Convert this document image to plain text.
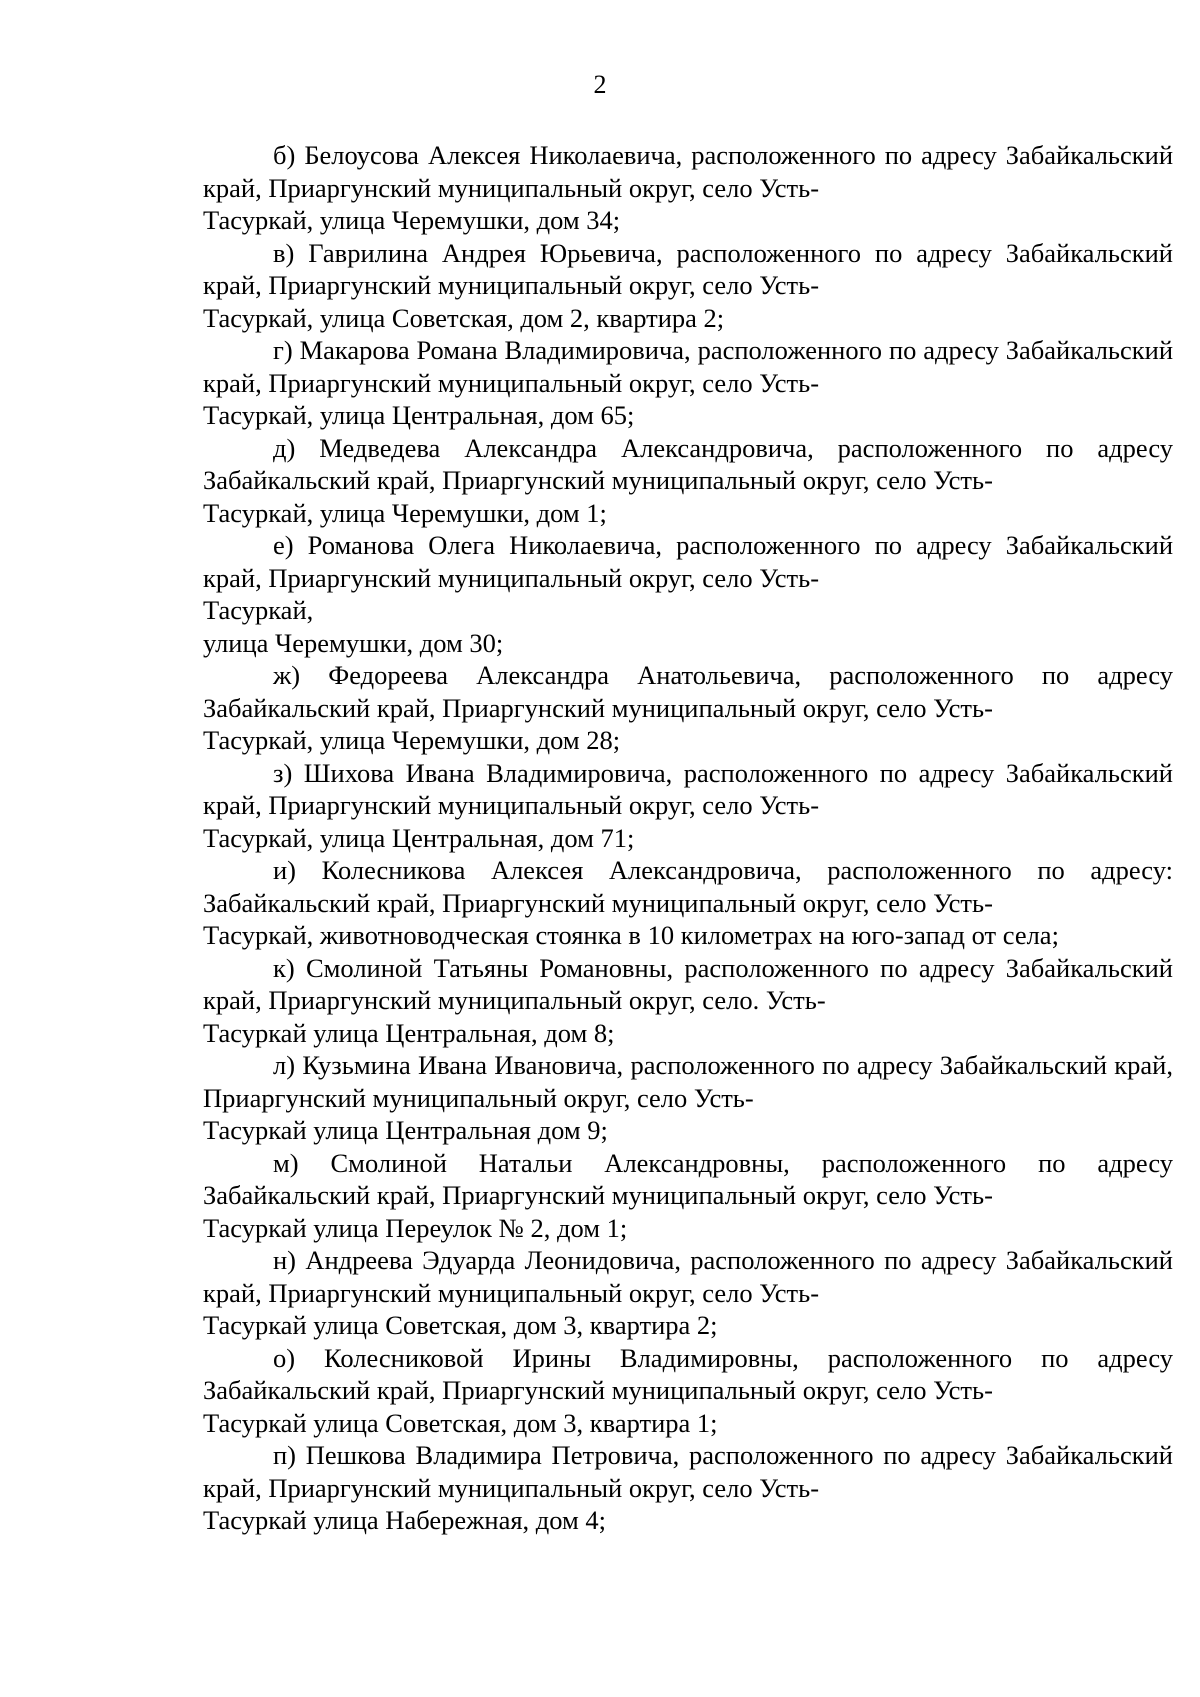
2

б) Белоусова Алексея Николаевича, расположенного по адресу Забайкальский край, Приаргунский муниципальный округ, село Усть-
Тасуркай, улица Черемушки, дом 34;

в) Гаврилина Андрея Юрьевича, расположенного по адресу Забайкальский край, Приаргунский муниципальный округ, село Усть-
Тасуркай, улица Советская, дом 2, квартира 2;

г) Макарова Романа Владимировича, расположенного по адресу Забайкальский край, Приаргунский муниципальный округ, село Усть-
Тасуркай, улица Центральная, дом 65;

д) Медведева Александра Александровича, расположенного по адресу Забайкальский край, Приаргунский муниципальный округ, село Усть-
Тасуркай, улица Черемушки, дом 1;

е) Романова Олега Николаевича, расположенного по адресу Забайкальский край, Приаргунский муниципальный округ, село Усть-
Тасуркай,
улица Черемушки, дом 30;

ж) Федореева Александра Анатольевича, расположенного по адресу Забайкальский край, Приаргунский муниципальный округ, село Усть-
Тасуркай, улица Черемушки, дом 28;

з) Шихова Ивана Владимировича, расположенного по адресу Забайкальский край, Приаргунский муниципальный округ, село Усть-
Тасуркай, улица Центральная, дом 71;

и) Колесникова Алексея Александровича, расположенного по адресу: Забайкальский край, Приаргунский муниципальный округ, село Усть-
Тасуркай, животноводческая стоянка в 10 километрах на юго-запад от села;

к) Смолиной Татьяны Романовны, расположенного по адресу Забайкальский край, Приаргунский муниципальный округ, село. Усть-
Тасуркай улица Центральная, дом 8;

л) Кузьмина Ивана Ивановича, расположенного по адресу Забайкальский край, Приаргунский муниципальный округ, село Усть-
Тасуркай улица Центральная дом 9;

м) Смолиной Натальи Александровны, расположенного по адресу Забайкальский край, Приаргунский муниципальный округ, село Усть-
Тасуркай улица Переулок № 2, дом 1;

н) Андреева Эдуарда Леонидовича, расположенного по адресу Забайкальский край, Приаргунский муниципальный округ, село Усть-
Тасуркай улица Советская, дом 3, квартира 2;

о) Колесниковой Ирины Владимировны, расположенного по адресу Забайкальский край, Приаргунский муниципальный округ, село Усть-
Тасуркай улица Советская, дом 3, квартира 1;

п) Пешкова Владимира Петровича, расположенного по адресу Забайкальский край, Приаргунский муниципальный округ, село Усть-
Тасуркай улица Набережная, дом 4;
